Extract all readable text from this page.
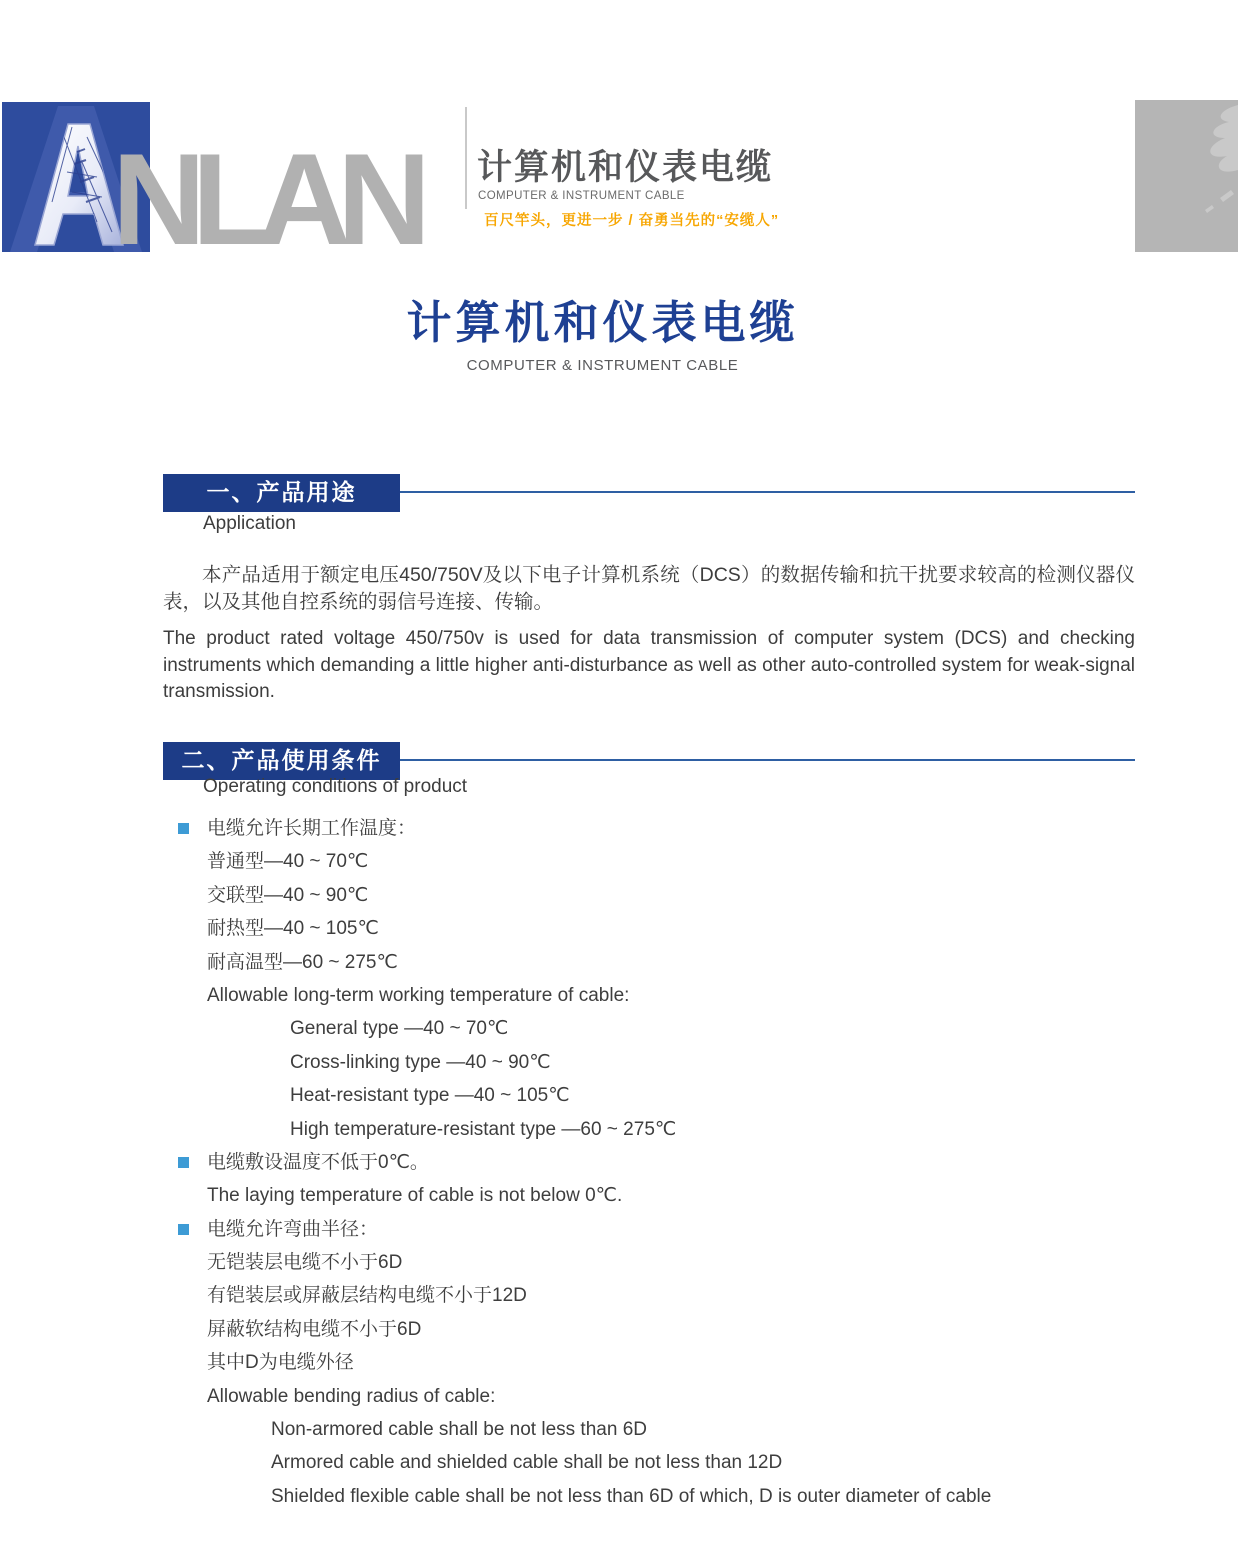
NLAN 计算机和仪表电缆
COMPUTER & INSTRUMENT CABLE
百尺竿头，更进一步 / 奋勇当先的“安缆人”
计算机和仪表电缆
COMPUTER & INSTRUMENT CABLE
一、产品用途
Application
本产品适用于额定电压450/750V及以下电子计算机系统（DCS）的数据传输和抗干扰要求较高的检测仪器仪表，以及其他自控系统的弱信号连接、传输。
The product rated voltage 450/750v is used for data transmission of computer system (DCS) and checking instruments which demanding a little higher anti-disturbance as well as other auto-controlled system for weak-signal transmission.
二、产品使用条件
Operating conditions of product
电缆允许长期工作温度：
普通型—40 ~ 70℃
交联型—40 ~ 90℃
耐热型—40 ~ 105℃
耐高温型—60 ~ 275℃
Allowable long-term working temperature of cable:
General type —40 ~ 70℃
Cross-linking type —40 ~ 90℃
Heat-resistant type —40 ~ 105℃
High temperature-resistant type —60 ~ 275℃
电缆敷设温度不低于0℃。
The laying temperature of cable is not below 0℃.
电缆允许弯曲半径：
无铠装层电缆不小于6D
有铠装层或屏蔽层结构电缆不小于12D
屏蔽软结构电缆不小于6D
其中D为电缆外径
Allowable bending radius of cable:
Non-armored cable shall be not less than 6D
Armored cable and shielded cable shall be not less than 12D
Shielded flexible cable shall be not less than 6D of which, D is outer diameter of cable
